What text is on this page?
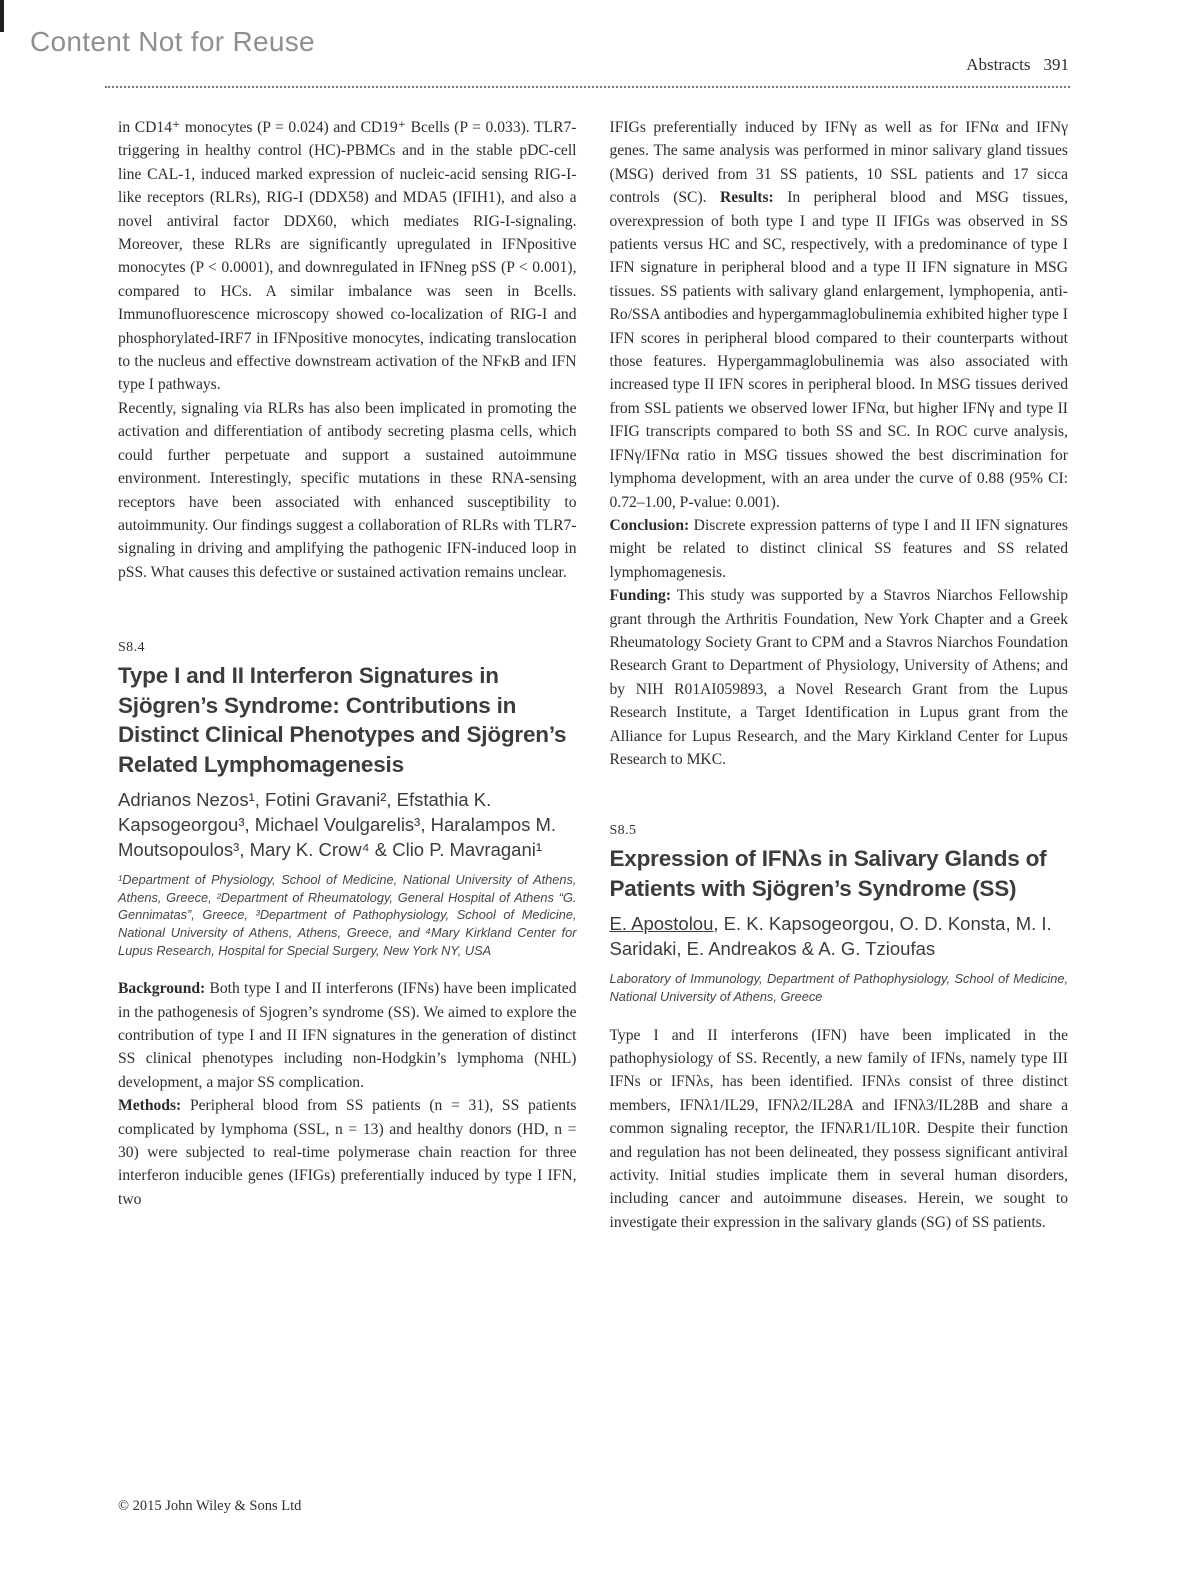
Content Not for Reuse
Abstracts 391

in CD14⁺ monocytes (P = 0.024) and CD19⁺ Bcells (P = 0.033). TLR7-triggering in healthy control (HC)-PBMCs and in the stable pDC-cell line CAL-1, induced marked expression of nucleic-acid sensing RIG-I-like receptors (RLRs), RIG-I (DDX58) and MDA5 (IFIH1), and also a novel antiviral factor DDX60, which mediates RIG-I-signaling. Moreover, these RLRs are significantly upregulated in IFNpositive monocytes (P < 0.0001), and downregulated in IFNneg pSS (P < 0.001), compared to HCs. A similar imbalance was seen in Bcells. Immunofluorescence microscopy showed co-localization of RIG-I and phosphorylated-IRF7 in IFNpositive monocytes, indicating translocation to the nucleus and effective downstream activation of the NFκB and IFN type I pathways.

Recently, signaling via RLRs has also been implicated in promoting the activation and differentiation of antibody secreting plasma cells, which could further perpetuate and support a sustained autoimmune environment. Interestingly, specific mutations in these RNA-sensing receptors have been associated with enhanced susceptibility to autoimmunity. Our findings suggest a collaboration of RLRs with TLR7-signaling in driving and amplifying the pathogenic IFN-induced loop in pSS. What causes this defective or sustained activation remains unclear.

S8.4

Type I and II Interferon Signatures in Sjögren’s Syndrome: Contributions in Distinct Clinical Phenotypes and Sjögren’s Related Lymphomagenesis

Adrianos Nezos¹, Fotini Gravani², Efstathia K. Kapsogeorgou³, Michael Voulgarelis³, Haralampos M. Moutsopoulos³, Mary K. Crow⁴ & Clio P. Mavragani¹

¹Department of Physiology, School of Medicine, National University of Athens, Athens, Greece, ²Department of Rheumatology, General Hospital of Athens “G. Gennimatas”, Greece, ³Department of Pathophysiology, School of Medicine, National University of Athens, Athens, Greece, and ⁴Mary Kirkland Center for Lupus Research, Hospital for Special Surgery, New York NY, USA

Background: Both type I and II interferons (IFNs) have been implicated in the pathogenesis of Sjogren’s syndrome (SS). We aimed to explore the contribution of type I and II IFN signatures in the generation of distinct SS clinical phenotypes including non-Hodgkin’s lymphoma (NHL) development, a major SS complication.

Methods: Peripheral blood from SS patients (n = 31), SS patients complicated by lymphoma (SSL, n = 13) and healthy donors (HD, n = 30) were subjected to real-time polymerase chain reaction for three interferon inducible genes (IFIGs) preferentially induced by type I IFN, two

IFIGs preferentially induced by IFNγ as well as for IFNα and IFNγ genes. The same analysis was performed in minor salivary gland tissues (MSG) derived from 31 SS patients, 10 SSL patients and 17 sicca controls (SC). Results: In peripheral blood and MSG tissues, overexpression of both type I and type II IFIGs was observed in SS patients versus HC and SC, respectively, with a predominance of type I IFN signature in peripheral blood and a type II IFN signature in MSG tissues. SS patients with salivary gland enlargement, lymphopenia, anti-Ro/SSA antibodies and hypergammaglobulinemia exhibited higher type I IFN scores in peripheral blood compared to their counterparts without those features. Hypergammaglobulinemia was also associated with increased type II IFN scores in peripheral blood. In MSG tissues derived from SSL patients we observed lower IFNα, but higher IFNγ and type II IFIG transcripts compared to both SS and SC. In ROC curve analysis, IFNγ/IFNα ratio in MSG tissues showed the best discrimination for lymphoma development, with an area under the curve of 0.88 (95% CI: 0.72–1.00, P-value: 0.001).

Conclusion: Discrete expression patterns of type I and II IFN signatures might be related to distinct clinical SS features and SS related lymphomagenesis.

Funding: This study was supported by a Stavros Niarchos Fellowship grant through the Arthritis Foundation, New York Chapter and a Greek Rheumatology Society Grant to CPM and a Stavros Niarchos Foundation Research Grant to Department of Physiology, University of Athens; and by NIH R01AI059893, a Novel Research Grant from the Lupus Research Institute, a Target Identification in Lupus grant from the Alliance for Lupus Research, and the Mary Kirkland Center for Lupus Research to MKC.

S8.5

Expression of IFNλs in Salivary Glands of Patients with Sjögren’s Syndrome (SS)

E. Apostolou, E. K. Kapsogeorgou, O. D. Konsta, M. I. Saridaki, E. Andreakos & A. G. Tzioufas

Laboratory of Immunology, Department of Pathophysiology, School of Medicine, National University of Athens, Greece

Type I and II interferons (IFN) have been implicated in the pathophysiology of SS. Recently, a new family of IFNs, namely type III IFNs or IFNλs, has been identified. IFNλs consist of three distinct members, IFNλ1/IL29, IFNλ2/IL28A and IFNλ3/IL28B and share a common signaling receptor, the IFNλR1/IL10R. Despite their function and regulation has not been delineated, they possess significant antiviral activity. Initial studies implicate them in several human disorders, including cancer and autoimmune diseases. Herein, we sought to investigate their expression in the salivary glands (SG) of SS patients.

© 2015 John Wiley & Sons Ltd
